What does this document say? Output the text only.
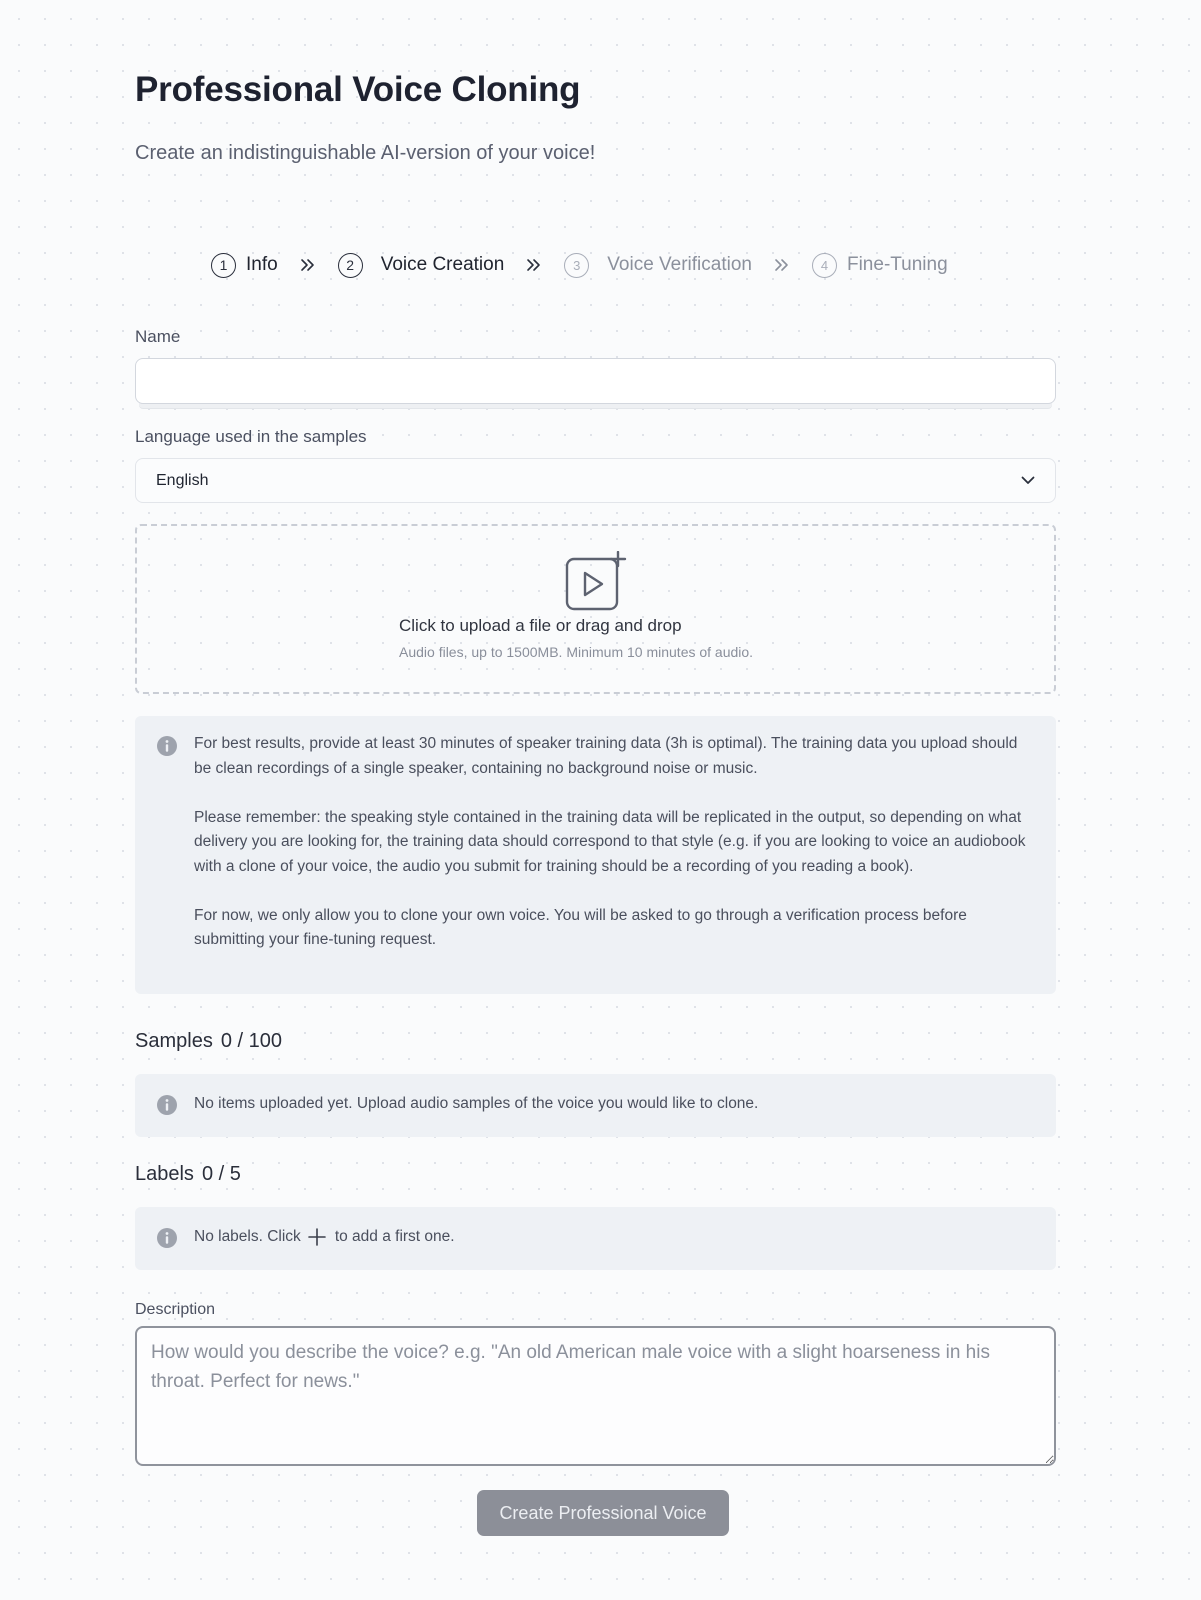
Professional Voice Cloning
Create an indistinguishable AI-version of your voice!
1 Info	2	Voice Creation	3	Voice Verification	4 Fine-Tuning
Name
Language used in the samples
English
Click to upload a file or drag and drop
Audio files, up to 1500MB. Minimum 10 minutes of audio.

For best results, provide at least 30 minutes of speaker training data (3h is optimal). The training data you upload should be clean recordings of a single speaker, containing no background noise or music.

Please remember: the speaking style contained in the training data will be replicated in the output, so depending on what delivery you are looking for, the training data should correspond to that style (e.g. if you are looking to voice an audiobook with a clone of your voice, the audio you submit for training should be a recording of you reading a book).

For now, we only allow you to clone your own voice. You will be asked to go through a verification process before submitting your fine-tuning request.

Samples 0 / 100
No items uploaded yet. Upload audio samples of the voice you would like to clone.
Labels 0 / 5
No labels. Click to add a first one.
Description
How would you describe the voice? e.g. "An old American male voice with a slight hoarseness in his throat. Perfect for news."
Create Professional Voice
